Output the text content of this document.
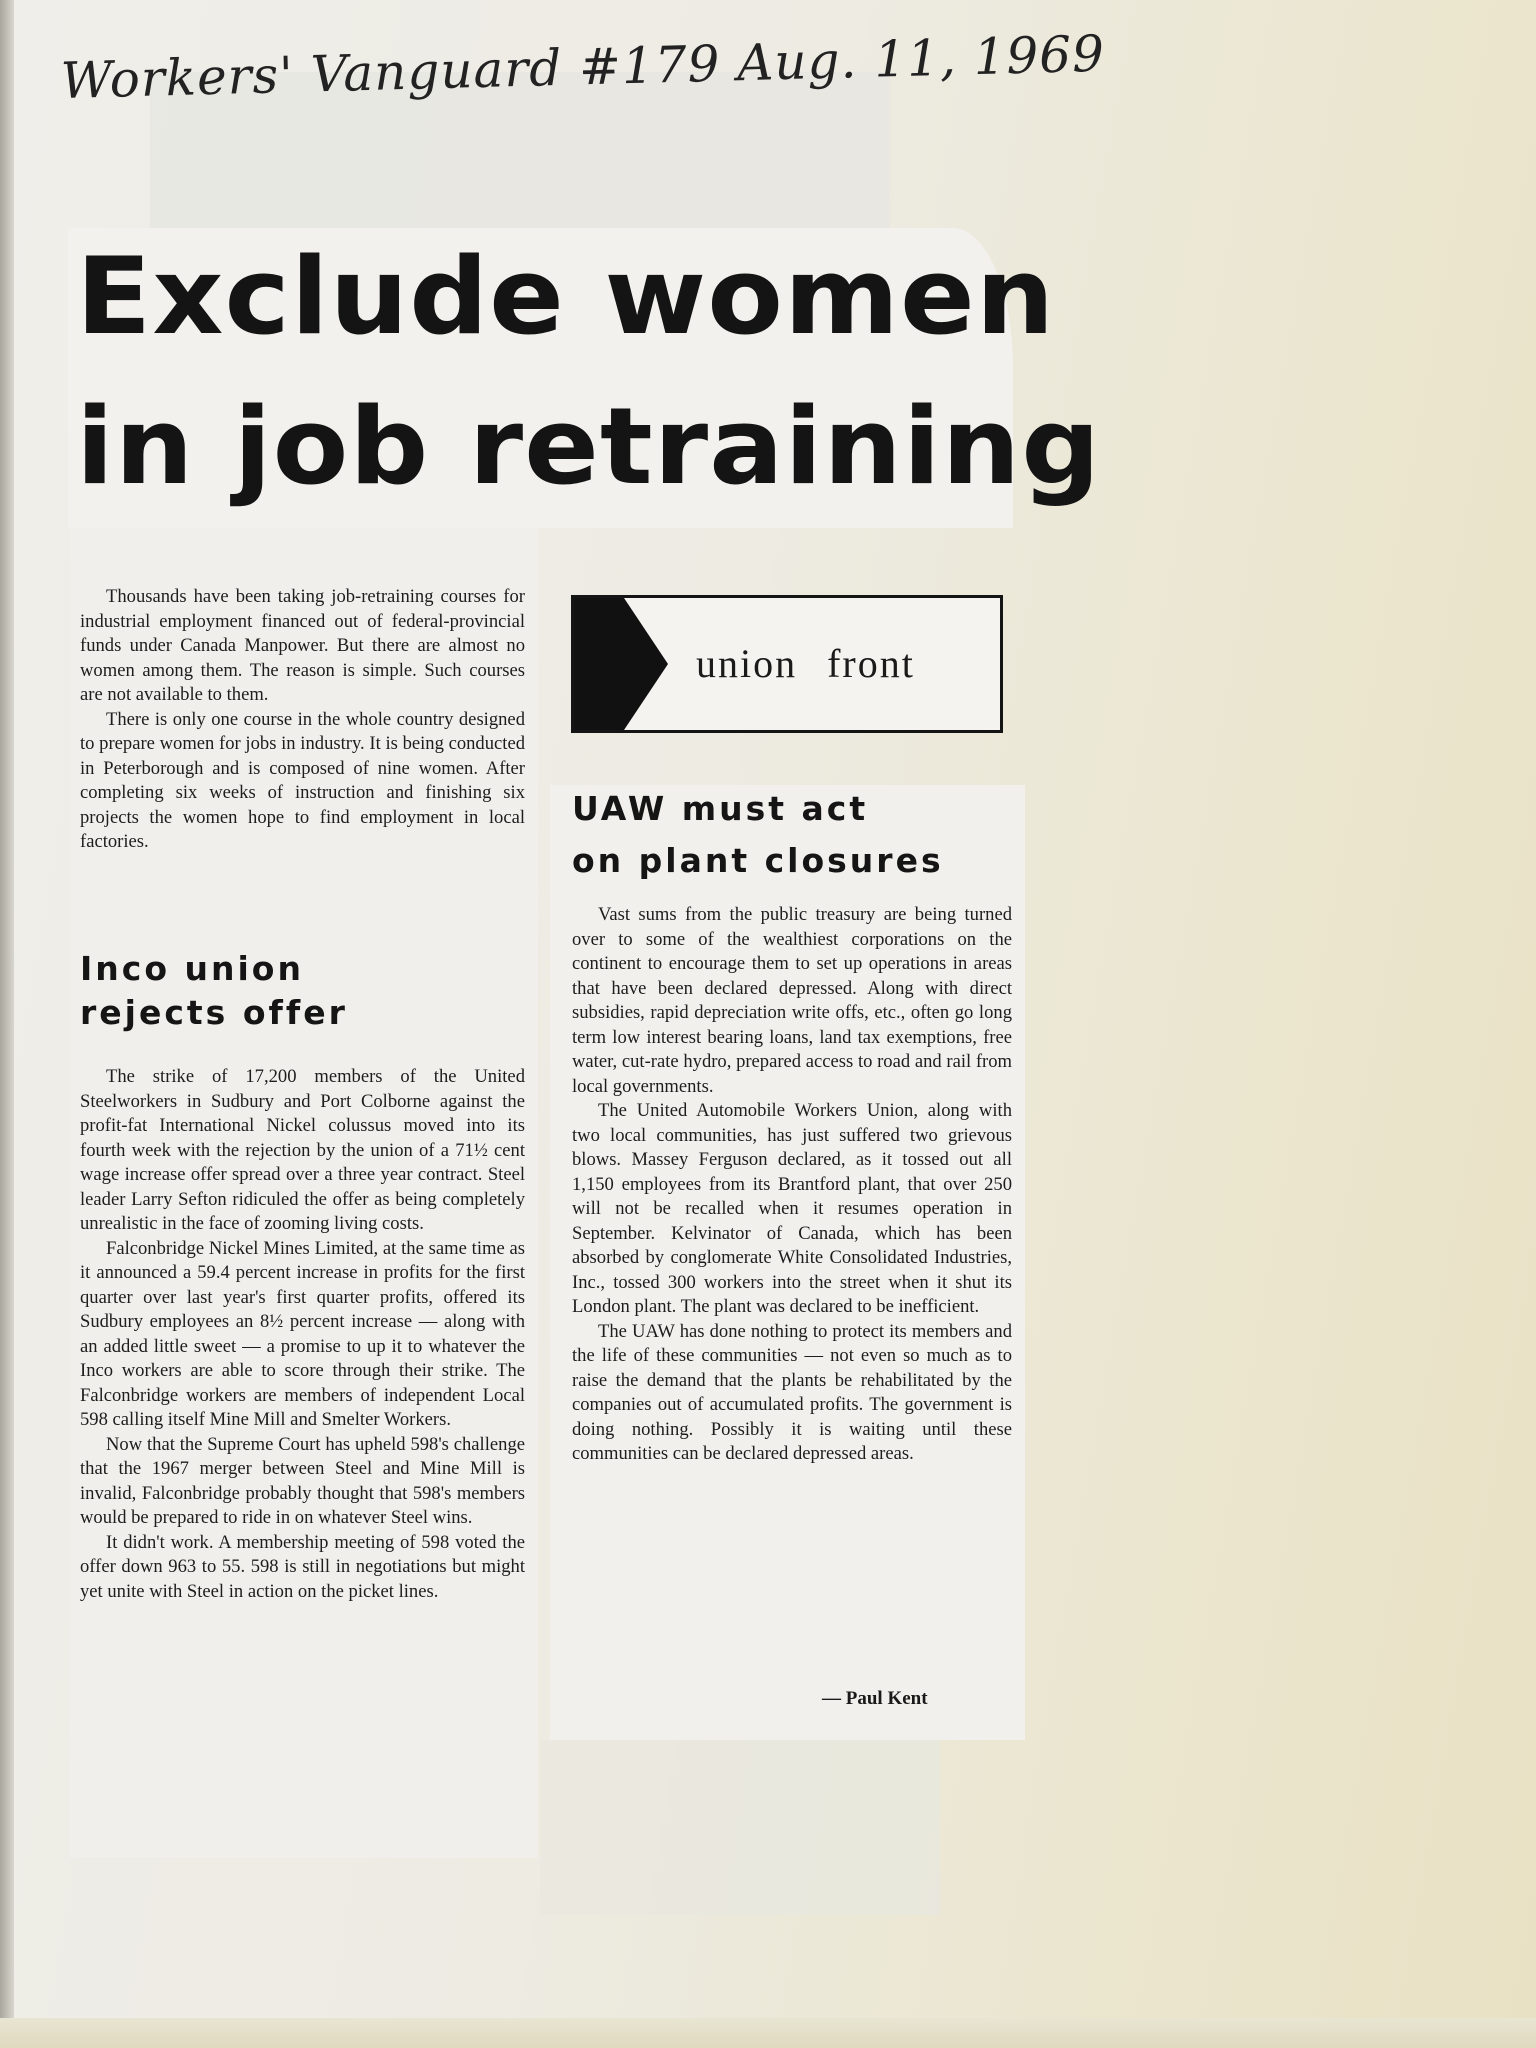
Workers' Vanguard #179 Aug. 11, 1969
Exclude women
in job retraining

Thousands have been taking job-retraining courses for industrial employment financed out of federal-provincial funds under Canada Manpower. But there are almost no women among them. The reason is simple. Such courses are not available to them.

There is only one course in the whole country designed to prepare women for jobs in industry. It is being conducted in Peterborough and is composed of nine women. After completing six weeks of instruction and finishing six projects the women hope to find employment in local factories.

Inco union
rejects offer

The strike of 17,200 members of the United Steelworkers in Sudbury and Port Colborne against the profit-fat International Nickel colussus moved into its fourth week with the rejection by the union of a 71½ cent wage increase offer spread over a three year contract. Steel leader Larry Sefton ridiculed the offer as being completely unrealistic in the face of zooming living costs.

Falconbridge Nickel Mines Limited, at the same time as it announced a 59.4 percent increase in profits for the first quarter over last year's first quarter profits, offered its Sudbury employees an 8½ percent increase — along with an added little sweet — a promise to up it to whatever the Inco workers are able to score through their strike. The Falconbridge workers are members of independent Local 598 calling itself Mine Mill and Smelter Workers.

Now that the Supreme Court has upheld 598's challenge that the 1967 merger between Steel and Mine Mill is invalid, Falconbridge probably thought that 598's members would be prepared to ride in on whatever Steel wins.

It didn't work. A membership meeting of 598 voted the offer down 963 to 55. 598 is still in negotiations but might yet unite with Steel in action on the picket lines.

union front
UAW must act
on plant closures

Vast sums from the public treasury are being turned over to some of the wealthiest corporations on the continent to encourage them to set up operations in areas that have been declared depressed. Along with direct subsidies, rapid depreciation write offs, etc., often go long term low interest bearing loans, land tax exemptions, free water, cut-rate hydro, prepared access to road and rail from local governments.

The United Automobile Workers Union, along with two local communities, has just suffered two grievous blows. Massey Ferguson declared, as it tossed out all 1,150 employees from its Brantford plant, that over 250 will not be recalled when it resumes operation in September. Kelvinator of Canada, which has been absorbed by conglomerate White Consolidated Industries, Inc., tossed 300 workers into the street when it shut its London plant. The plant was declared to be inefficient.

The UAW has done nothing to protect its members and the life of these communities — not even so much as to raise the demand that the plants be rehabilitated by the companies out of accumulated profits. The government is doing nothing. Possibly it is waiting until these communities can be declared depressed areas.

— Paul Kent
